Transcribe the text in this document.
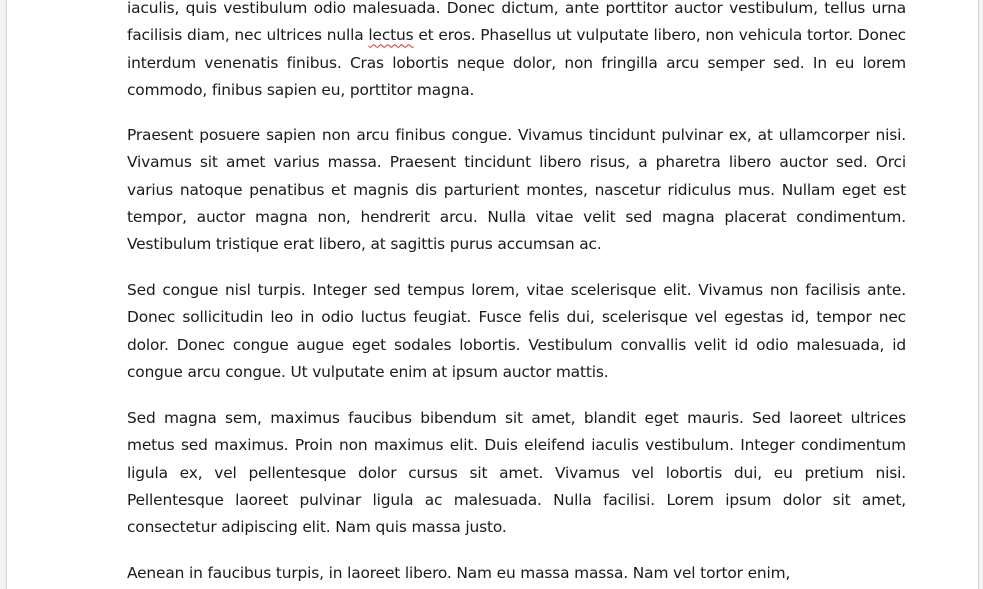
iaculis, quis vestibulum odio malesuada. Donec dictum, ante porttitor auctor vestibulum, tellus urna facilisis diam, nec ultrices nulla lectus et eros. Phasellus ut vulputate libero, non vehicula tortor. Donec interdum venenatis finibus. Cras lobortis neque dolor, non fringilla arcu semper sed. In eu lorem commodo, finibus sapien eu, porttitor magna.

Praesent posuere sapien non arcu finibus congue. Vivamus tincidunt pulvinar ex, at ullamcorper nisi. Vivamus sit amet varius massa. Praesent tincidunt libero risus, a pharetra libero auctor sed. Orci varius natoque penatibus et magnis dis parturient montes, nascetur ridiculus mus. Nullam eget est tempor, auctor magna non, hendrerit arcu. Nulla vitae velit sed magna placerat condimentum. Vestibulum tristique erat libero, at sagittis purus accumsan ac.

Sed congue nisl turpis. Integer sed tempus lorem, vitae scelerisque elit. Vivamus non facilisis ante. Donec sollicitudin leo in odio luctus feugiat. Fusce felis dui, scelerisque vel egestas id, tempor nec dolor. Donec congue augue eget sodales lobortis. Vestibulum convallis velit id odio malesuada, id congue arcu congue. Ut vulputate enim at ipsum auctor mattis.

Sed magna sem, maximus faucibus bibendum sit amet, blandit eget mauris. Sed laoreet ultrices metus sed maximus. Proin non maximus elit. Duis eleifend iaculis vestibulum. Integer condimentum ligula ex, vel pellentesque dolor cursus sit amet. Vivamus vel lobortis dui, eu pretium nisi. Pellentesque laoreet pulvinar ligula ac malesuada. Nulla facilisi. Lorem ipsum dolor sit amet, consectetur adipiscing elit. Nam quis massa justo.

Aenean in faucibus turpis, in laoreet libero. Nam eu massa massa. Nam vel tortor enim,
